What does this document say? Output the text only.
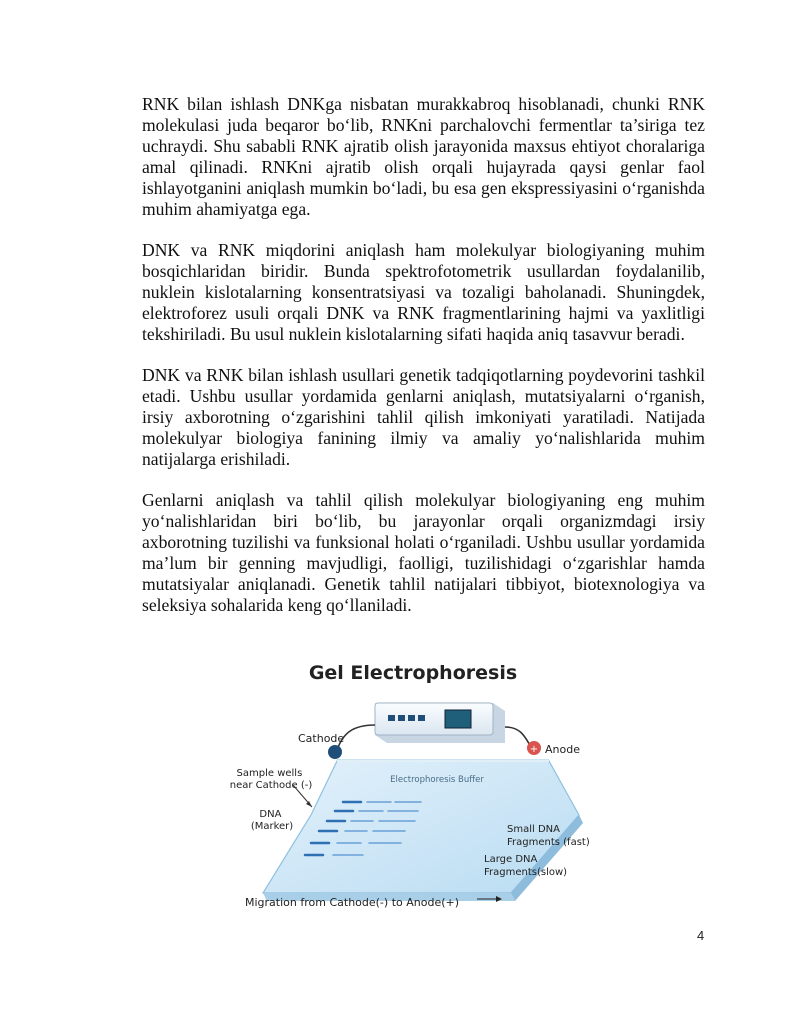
RNK bilan ishlash DNKga nisbatan murakkabroq hisoblanadi, chunki RNK molekulasi juda beqaror bo‘lib, RNKni parchalovchi fermentlar ta’siriga tez uchraydi. Shu sababli RNK ajratib olish jarayonida maxsus ehtiyot choralariga amal qilinadi. RNKni ajratib olish orqali hujayrada qaysi genlar faol ishlayotganini aniqlash mumkin bo‘ladi, bu esa gen ekspressiyasini o‘rganishda muhim ahamiyatga ega.

DNK va RNK miqdorini aniqlash ham molekulyar biologiyaning muhim bosqichlaridan biridir. Bunda spektrofotometrik usullardan foydalanilib, nuklein kislotalarning konsentratsiyasi va tozaligi baholanadi. Shuningdek, elektroforez usuli orqali DNK va RNK fragmentlarining hajmi va yaxlitligi tekshiriladi. Bu usul nuklein kislotalarning sifati haqida aniq tasavvur beradi.

DNK va RNK bilan ishlash usullari genetik tadqiqotlarning poydevorini tashkil etadi. Ushbu usullar yordamida genlarni aniqlash, mutatsiyalarni o‘rganish, irsiy axborotning o‘zgarishini tahlil qilish imkoniyati yaratiladi. Natijada molekulyar biologiya fanining ilmiy va amaliy yo‘nalishlarida muhim natijalarga erishiladi.

Genlarni aniqlash va tahlil qilish molekulyar biologiyaning eng muhim yo‘nalishlaridan biri bo‘lib, bu jarayonlar orqali organizmdagi irsiy axborotning tuzilishi va funksional holati o‘rganiladi. Ushbu usullar yordamida ma’lum bir genning mavjudligi, faolligi, tuzilishidagi o‘zgarishlar hamda mutatsiyalar aniqlanadi. Genetik tahlil natijalari tibbiyot, biotexnologiya va seleksiya sohalarida keng qo‘llaniladi.

Gel Electrophoresis
+
Cathode
Anode
Electrophoresis Buffer
Sample wells near Cathode (-)
DNA (Marker)	Small DNA Fragments (fast)
Large DNA Fragments(slow)
Migration from Cathode(-) to Anode(+)
4
